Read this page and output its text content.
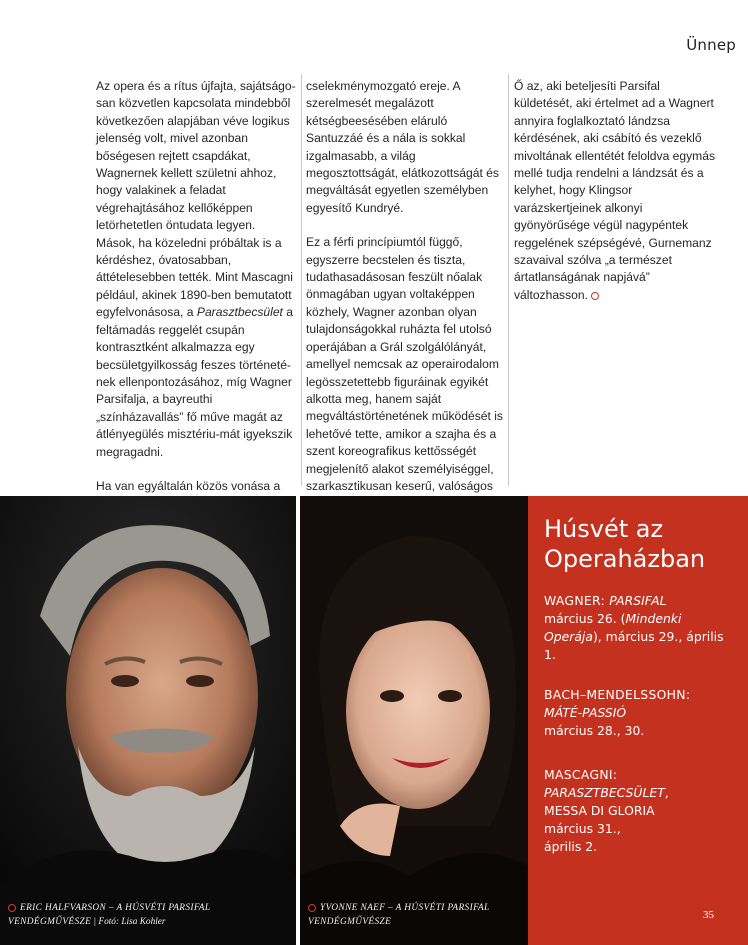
Ünnep

Az opera és a rítus újfajta, sajátságo-san közvetlen kapcsolata mindebből következően alapjában véve logikus jelenség volt, mivel azonban bőségesen rejtett csapdákat, Wagnernek kellett születni ahhoz, hogy valakinek a feladat végrehajtásához kellőképpen letörhetetlen öntudata legyen. Mások, ha közeledni próbáltak is a kérdéshez, óvatosabban, áttételesebben tették. Mint Mascagni például, akinek 1890-ben bemutatott egyfelvonásosa, a Parasztbecsület a feltámadás reggelét csupán kontrasztként alkalmazza egy becsületgyilkosság feszes történeté-nek ellenpontozásához, míg Wagner Parsifalja, a bayreuthi „színházavallás” fő műve magát az átlényegülés misztériu-mát igyekszik megragadni.

Ha van egyáltalán közös vonása a

cselekménymozgató ereje. A szerelmesét megalázott kétségbeesésében eláruló Santuzzáé és a nála is sokkal izgalmasabb, a világ megosztottságát, elátkozottságát és megváltását egyetlen személyben egyesítő Kundryé.

Ez a férfi princípiumtól függő, egyszerre becstelen és tiszta, tudathasadásosan feszült nőalak önmagában ugyan voltaképpen közhely, Wagner azonban olyan tulajdonságokkal ruházta fel utolsó operájában a Grál szolgálólányát, amellyel nemcsak az operairodalom legösszetettebb figuráinak egyikét alkotta meg, hanem saját megváltástörténetének működését is lehetővé tette, amikor a szajha és a szent koreografikus kettősségét megjelenítő alakot személyiséggel, szarkasztikusan keserű, valóságos

Ő az, aki beteljesíti Parsifal küldetését, aki értelmet ad a Wagnert annyira foglalkoztató lándzsa kérdésének, aki csábító és vezeklő mivoltának ellentétét feloldva egymás mellé tudja rendelni a lándzsát és a kelyhet, hogy Klingsor varázskertjeinek alkonyi gyönyörűsége végül nagypéntek reggelének szépségévé, Gurnemanz szavaival szólva „a természet ártatlanságának napjává” változhasson.

ERIC HALFVARSON – A HÚSVÉTI PARSIFAL
VENDÉGMŰVÉSZE | Fotó: Lisa Kohler
YVONNE NAEF – A HÚSVÉTI PARSIFAL
VENDÉGMŰVÉSZE
Húsvét az Operaházban
WAGNER: PARSIFAL
március 26. (Mindenki Operája), március 29., április 1.
BACH–MENDELSSOHN:
MÁTÉ-PASSIÓ
március 28., 30.
MASCAGNI:
PARASZTBECSÜLET,
MESSA DI GLORIA
március 31.,
április 2.
35
